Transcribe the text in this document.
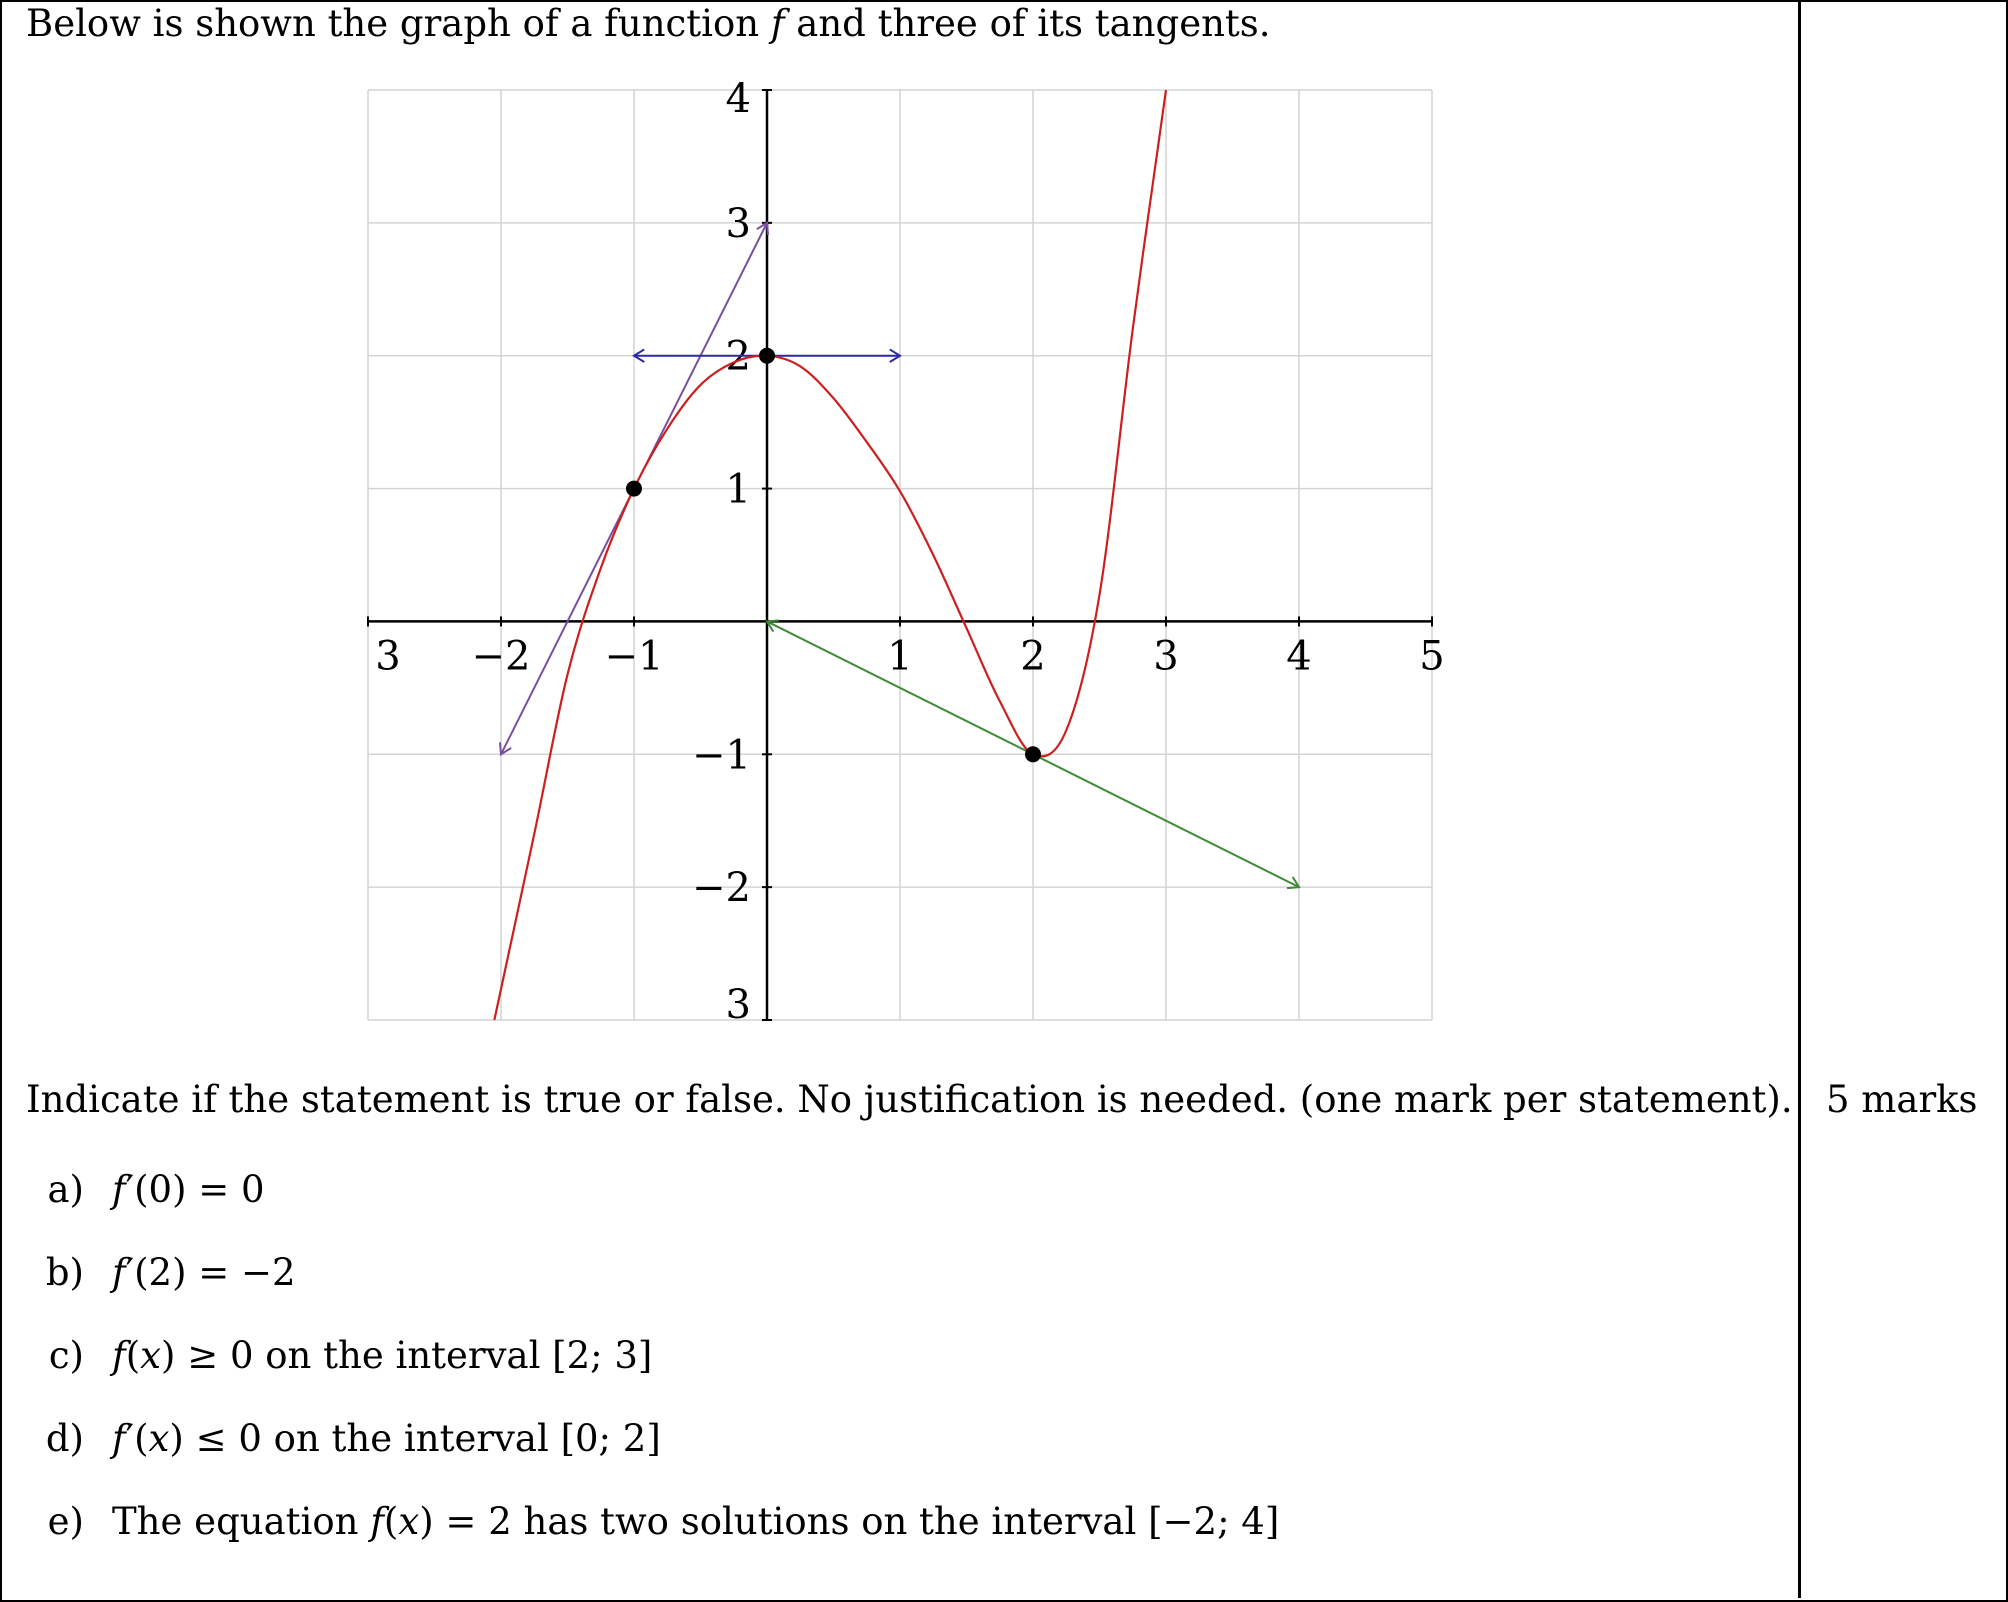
Below is shown the graph of a function f and three of its tangents.
3 −2 −1	1	2	3	4	5
4
3
2
1
−1
−2
3
Indicate if the statement is true or false. No justification is needed. (one mark per statement). 5 marks
a) f′(0) = 0
b) f′(2) = −2
c) f(x) ≥ 0 on the interval [2; 3]
d) f′(x) ≤ 0 on the interval [0; 2]
e) The equation f(x) = 2 has two solutions on the interval [−2; 4]
